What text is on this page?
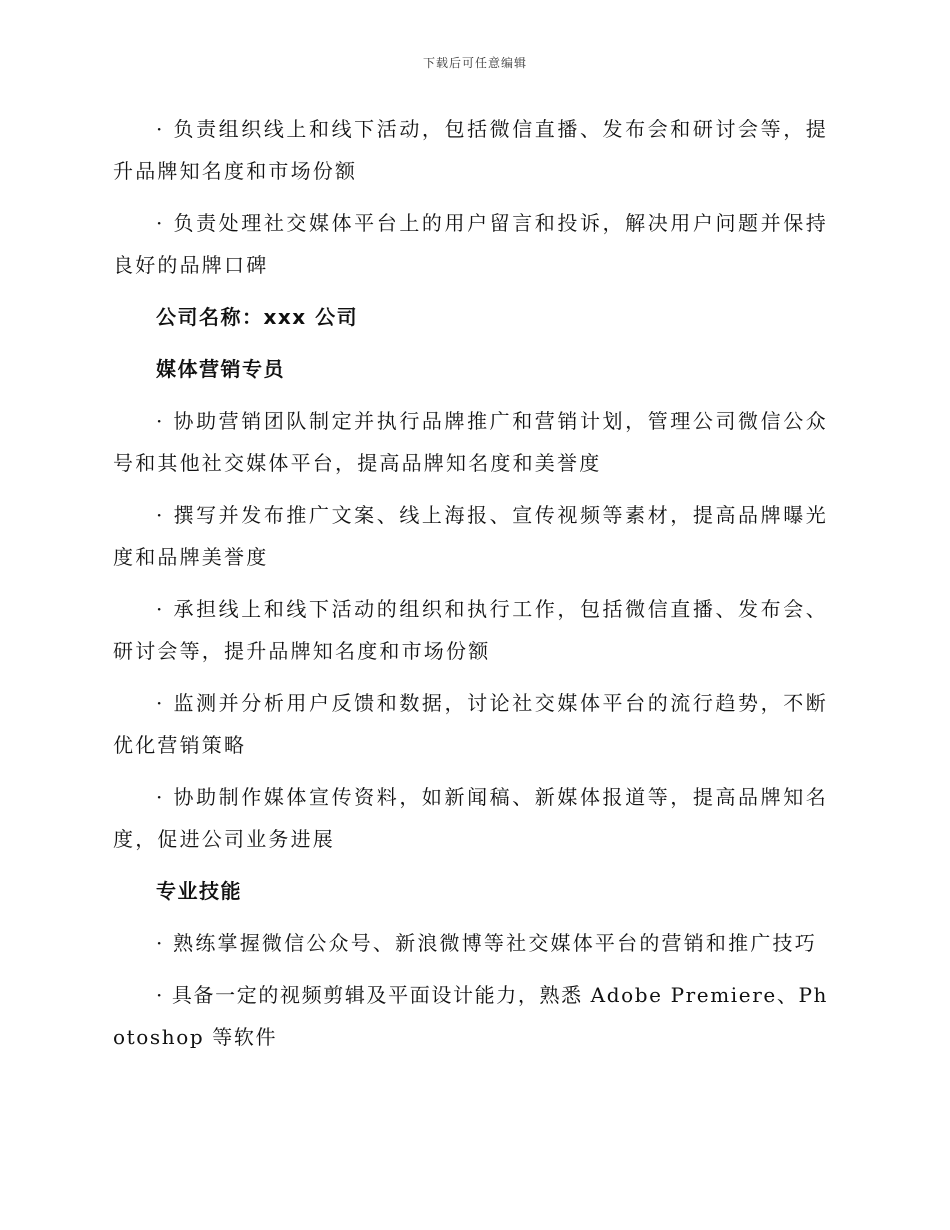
下载后可任意编辑

· 负责组织线上和线下活动，包括微信直播、发布会和研讨会等，提升品牌知名度和市场份额

· 负责处理社交媒体平台上的用户留言和投诉，解决用户问题并保持良好的品牌口碑

公司名称：xxx 公司

媒体营销专员

· 协助营销团队制定并执行品牌推广和营销计划，管理公司微信公众号和其他社交媒体平台，提高品牌知名度和美誉度

· 撰写并发布推广文案、线上海报、宣传视频等素材，提高品牌曝光度和品牌美誉度

· 承担线上和线下活动的组织和执行工作，包括微信直播、发布会、研讨会等，提升品牌知名度和市场份额

· 监测并分析用户反馈和数据，讨论社交媒体平台的流行趋势，不断优化营销策略

· 协助制作媒体宣传资料，如新闻稿、新媒体报道等，提高品牌知名度，促进公司业务进展

专业技能

· 熟练掌握微信公众号、新浪微博等社交媒体平台的营销和推广技巧

· 具备一定的视频剪辑及平面设计能力，熟悉 Adobe Premiere、Photoshop 等软件
